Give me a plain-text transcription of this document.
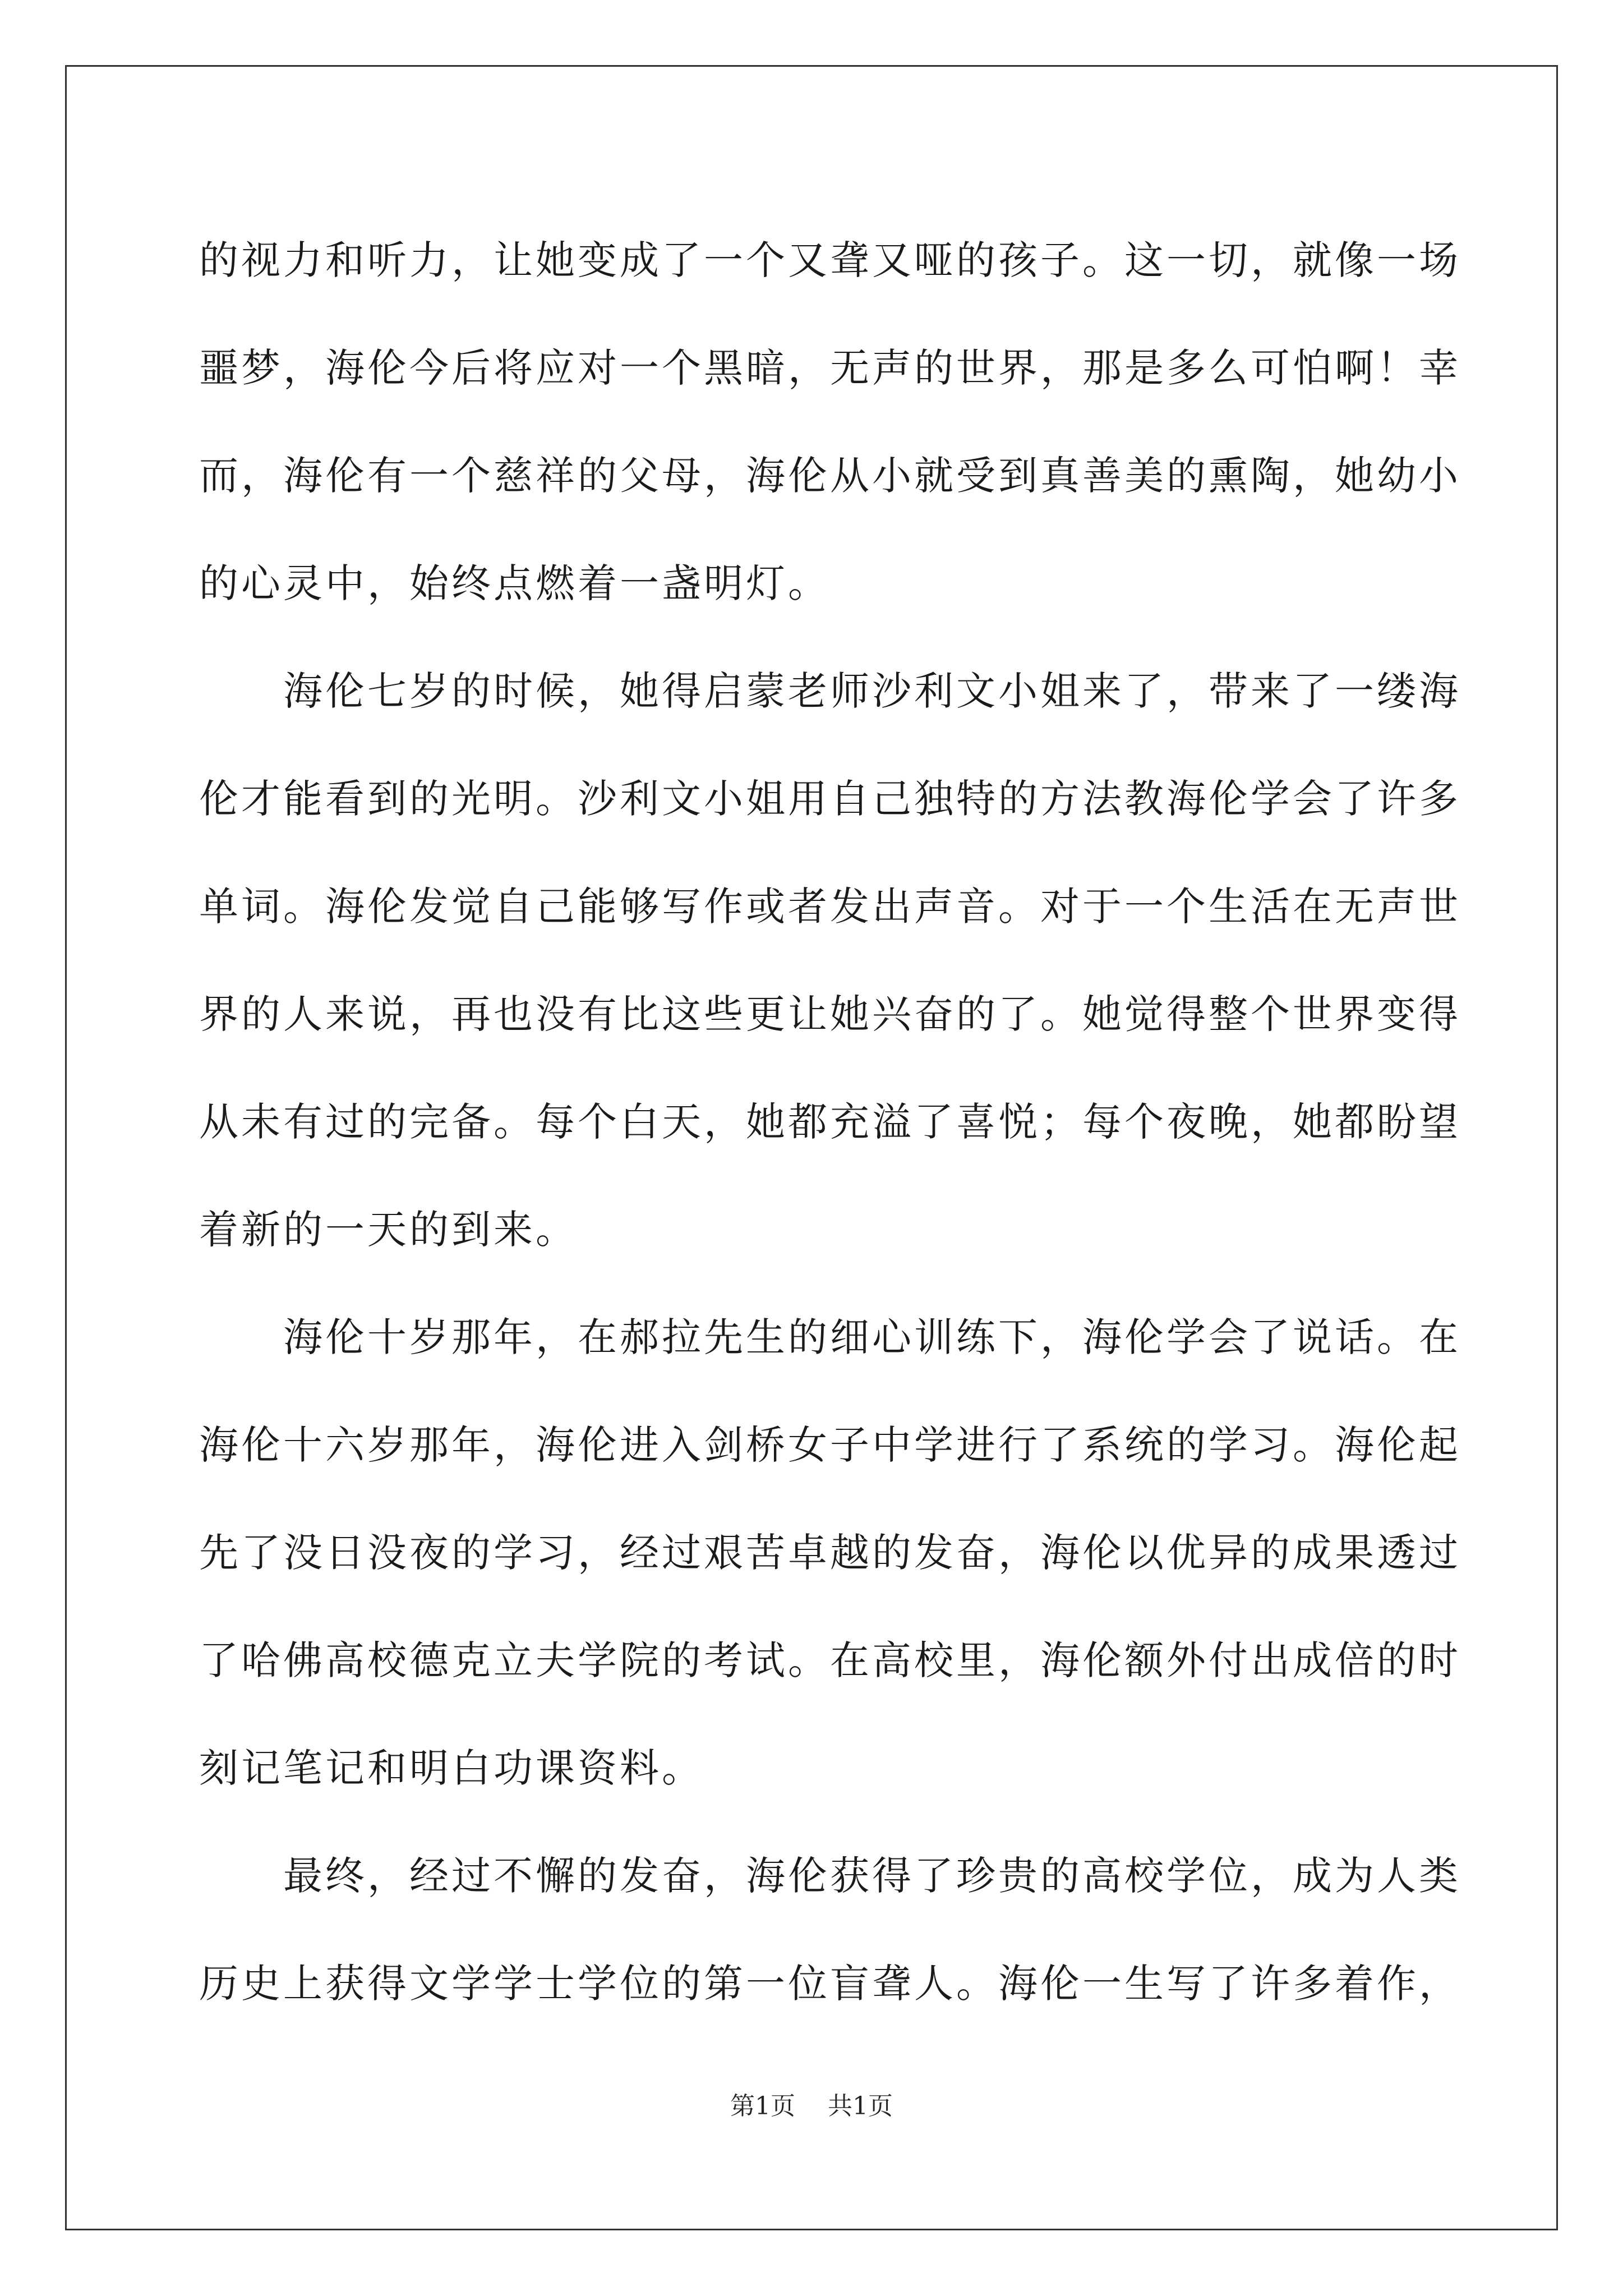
的视力和听力，让她变成了一个又聋又哑的孩子。这一切，就像一场
噩梦，海伦今后将应对一个黑暗，无声的世界，那是多么可怕啊！幸
而，海伦有一个慈祥的父母，海伦从小就受到真善美的熏陶，她幼小
的心灵中，始终点燃着一盏明灯。
海伦七岁的时候，她得启蒙老师沙利文小姐来了，带来了一缕海
伦才能看到的光明。沙利文小姐用自己独特的方法教海伦学会了许多
单词。海伦发觉自己能够写作或者发出声音。对于一个生活在无声世
界的人来说，再也没有比这些更让她兴奋的了。她觉得整个世界变得
从未有过的完备。每个白天，她都充溢了喜悦；每个夜晚，她都盼望
着新的一天的到来。
海伦十岁那年，在郝拉先生的细心训练下，海伦学会了说话。在
海伦十六岁那年，海伦进入剑桥女子中学进行了系统的学习。海伦起
先了没日没夜的学习，经过艰苦卓越的发奋，海伦以优异的成果透过
了哈佛高校德克立夫学院的考试。在高校里，海伦额外付出成倍的时
刻记笔记和明白功课资料。
最终，经过不懈的发奋，海伦获得了珍贵的高校学位，成为人类
历史上获得文学学士学位的第一位盲聋人。海伦一生写了许多着作，
第1页 共1页
